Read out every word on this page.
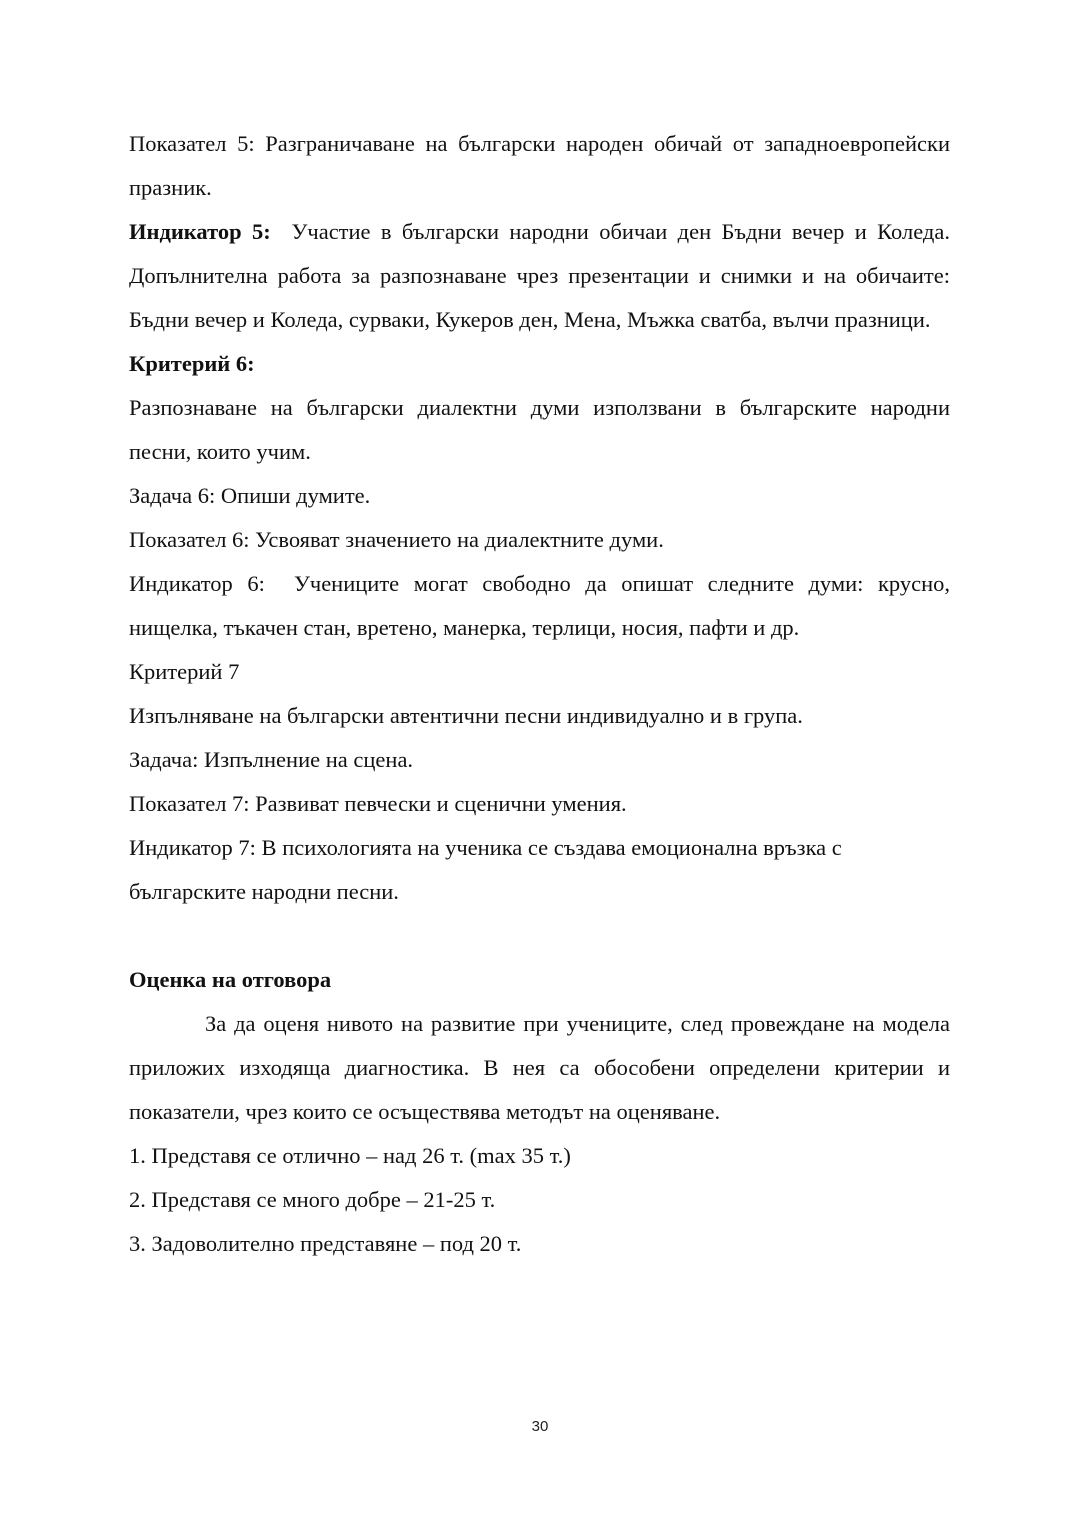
Показател 5: Разграничаване на български народен обичай от западноевропейски празник.

Индикатор 5:  Участие в български народни обичаи ден Бъдни вечер и Коледа. Допълнителна работа за разпознаване чрез презентации и снимки и на обичаите:  Бъдни вечер и Коледа, сурваки, Кукеров ден, Мена, Мъжка сватба, вълчи празници.

Критерий 6:

Разпознаване на български диалектни думи използвани в българските народни песни, които учим.

Задача 6: Опиши думите.

Показател 6: Усвояват значението на диалектните думи.

Индикатор 6:  Учениците могат свободно да опишат следните думи: крусно, нищелка, тъкачен стан, вретено, манерка, терлици, носия, пафти и др.

Критерий 7

Изпълняване на български автентични песни индивидуално и в група.

Задача: Изпълнение на сцена.

Показател 7: Развиват певчески и сценични умения.

Индикатор 7: В психологията на ученика се създава емоционална връзка с българските народни песни.

Оценка на отговора

За да оценя нивото на развитие при учениците, след провеждане на модела приложих изходяща диагностика. В нея са обособени определени критерии и показатели, чрез които се осъществява методът на оценяване.

1. Представя се отлично – над 26 т. (max 35 т.)

2. Представя се много добре – 21-25 т.

3. Задоволително представяне – под 20 т.

30
